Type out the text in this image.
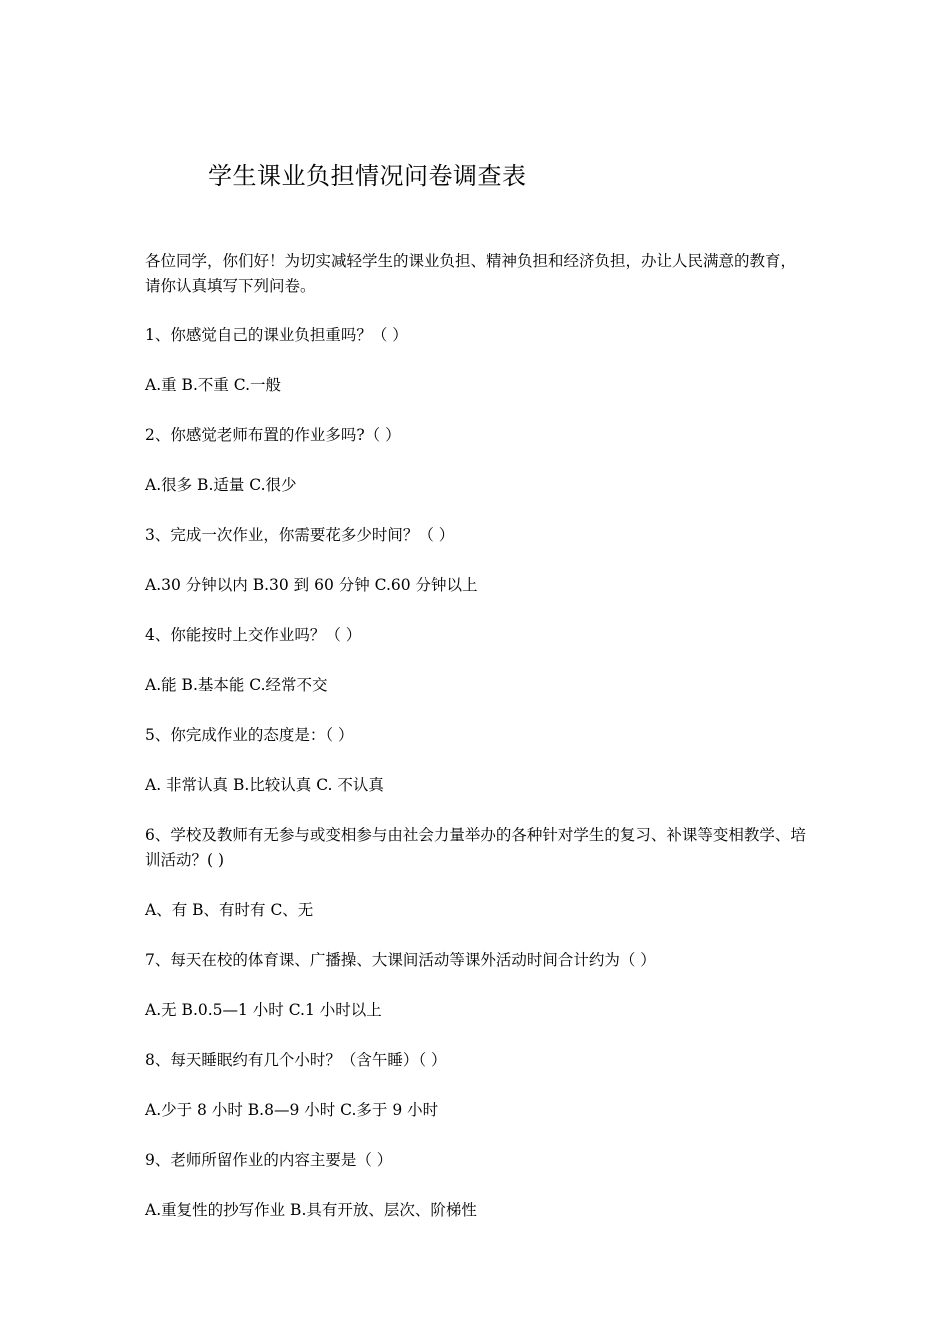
学生课业负担情况问卷调查表
各位同学，你们好！为切实减轻学生的课业负担、精神负担和经济负担，办让人民满意的教育，请你认真填写下列问卷。
1、你感觉自己的课业负担重吗？（ ）
A.重 B.不重 C.一般
2、你感觉老师布置的作业多吗?（ ）
A.很多 B.适量 C.很少
3、完成一次作业，你需要花多少时间？（ ）
A.30 分钟以内 B.30 到 60 分钟 C.60 分钟以上
4、你能按时上交作业吗？（ ）
A.能 B.基本能 C.经常不交
5、你完成作业的态度是：（ ）
A. 非常认真 B.比较认真 C. 不认真
6、学校及教师有无参与或变相参与由社会力量举办的各种针对学生的复习、补课等变相教学、培训活动？( )
A、有 B、有时有 C、无
7、每天在校的体育课、广播操、大课间活动等课外活动时间合计约为（ ）
A.无 B.0.5—1 小时 C.1 小时以上
8、每天睡眠约有几个小时？（含午睡）（ ）
A.少于 8 小时 B.8—9 小时 C.多于 9 小时
9、老师所留作业的内容主要是（ ）
A.重复性的抄写作业 B.具有开放、层次、阶梯性
